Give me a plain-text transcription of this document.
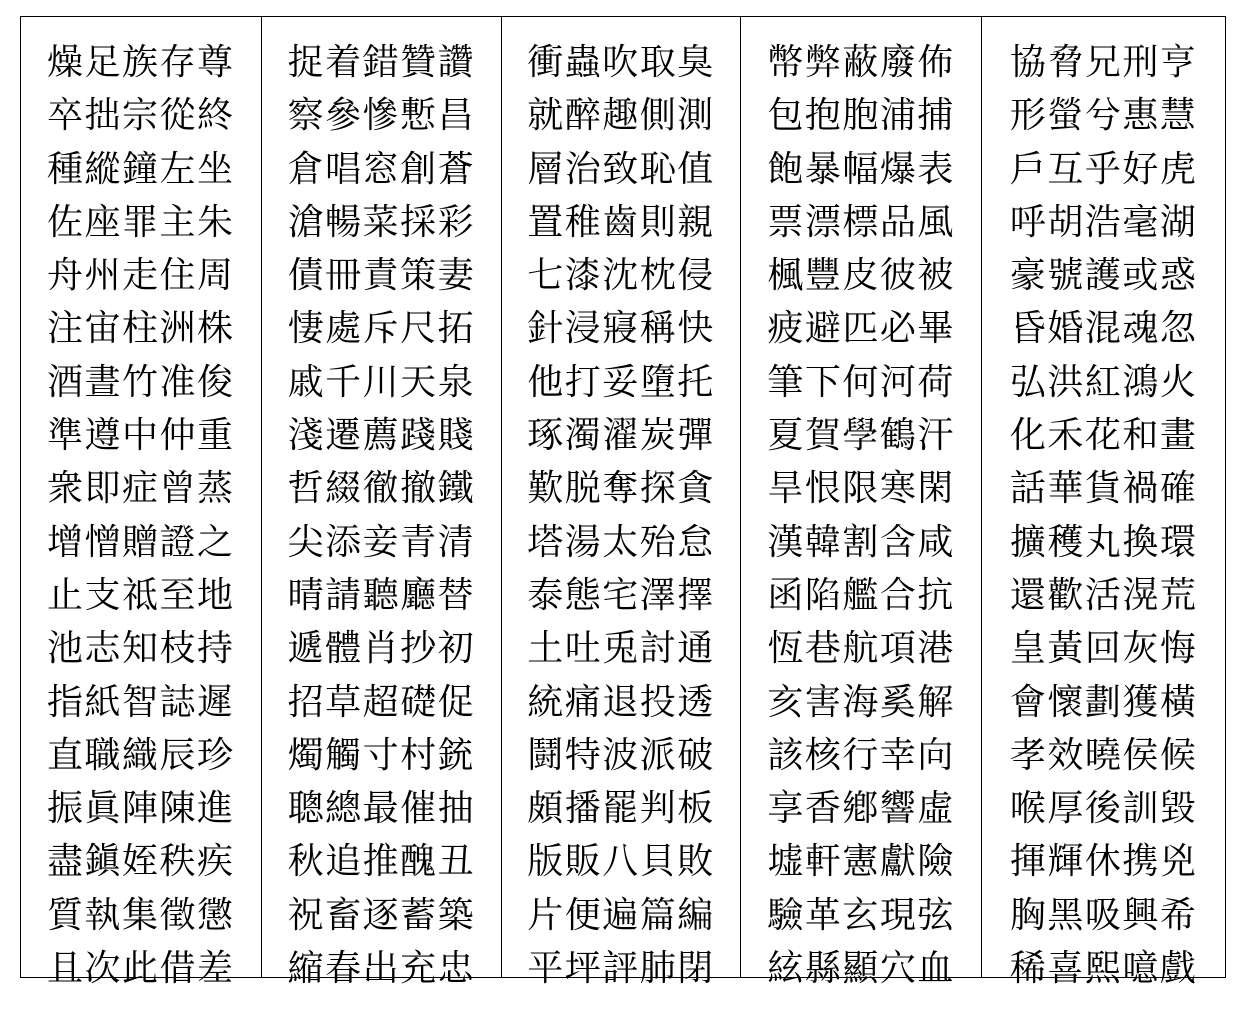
燥足族存尊
卒拙宗從終
種縱鐘左坐
佐座罪主朱
舟州走住周
注宙柱洲株
酒晝竹准俊
準遵中仲重
衆即症曾蒸
增憎贈證之
止支祗至地
池志知枝持
指紙智誌遲
直職織辰珍
振眞陣陳進
盡鎭姪秩疾
質執集徵懲
且次此借差
捉着錯贊讚
察參慘慙昌
倉唱窓創蒼
滄暢菜採彩
債冊責策妻
悽處斥尺拓
戚千川天泉
淺遷薦踐賤
哲綴徹撤鐵
尖添妾青清
晴請聽廳替
遞體肖抄初
招草超礎促
燭觸寸村銃
聰總最催抽
秋追推醜丑
祝畜逐蓄築
縮春出充忠
衝蟲吹取臭
就醉趣側測
層治致恥值
置稚齒則親
七漆沈枕侵
針浸寢稱快
他打妥墮托
琢濁濯炭彈
歎脱奪探貪
塔湯太殆怠
泰態宅澤擇
土吐兎討通
統痛退投透
鬪特波派破
頗播罷判板
版販八貝敗
片便遍篇編
平坪評肺閉
幣弊蔽廢佈
包抱胞浦捕
飽暴幅爆表
票漂標品風
楓豐皮彼被
疲避匹必畢
筆下何河荷
夏賀學鶴汗
旱恨限寒閑
漢韓割含咸
函陷艦合抗
恆巷航項港
亥害海奚解
該核行幸向
享香鄕響虛
墟軒憲獻險
驗革玄現弦
絃縣顯穴血
協脅兄刑亨
形螢兮惠慧
戶互乎好虎
呼胡浩毫湖
豪號護或惑
昏婚混魂忽
弘洪紅鴻火
化禾花和畫
話華貨禍確
擴穫丸換環
還歡活滉荒
皇黃回灰悔
會懷劃獲橫
孝效曉侯候
喉厚後訓毀
揮輝休携兇
胸黑吸興希
稀喜熙噫戲
